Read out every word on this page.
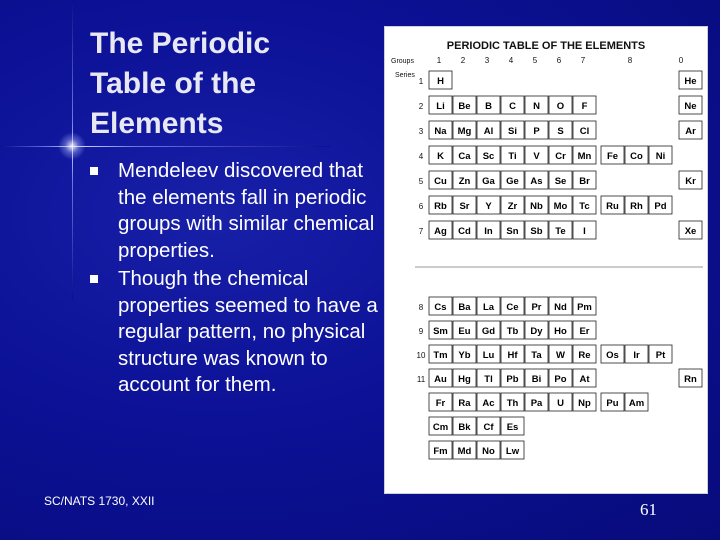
The Periodic
Table of the
Elements
Mendeleev discovered that the elements fall in periodic groups with similar chemical properties.
Though the chemical properties seemed to have a regular pattern, no physical structure was known to account for them.
SC/NATS 1730, XXII	61
PERIODIC TABLE OF THE ELEMENTS
Groups
Series
1 2 3 4 5 6 7	8	0
1 H	He
2 Li Be B C N O F	Ne
3 Na Mg Al Si P S Cl	Ar
4 K Ca Sc Ti V Cr Mn Fe Co Ni
5 Cu Zn Ga Ge As Se Br	Kr
6 Rb Sr Y Zr Nb Mo Tc Ru Rh Pd
7 Ag Cd In Sn Sb Te I	Xe
8 Cs Ba La Ce Pr Nd Pm
9 Sm Eu Gd Tb Dy Ho Er
10 Tm Yb Lu Hf Ta W Re Os Ir Pt
11 Au Hg Tl Pb Bi Po At	Rn
Fr Ra Ac Th Pa U Np Pu Am
Cm Bk Cf Es
Fm Md No Lw
